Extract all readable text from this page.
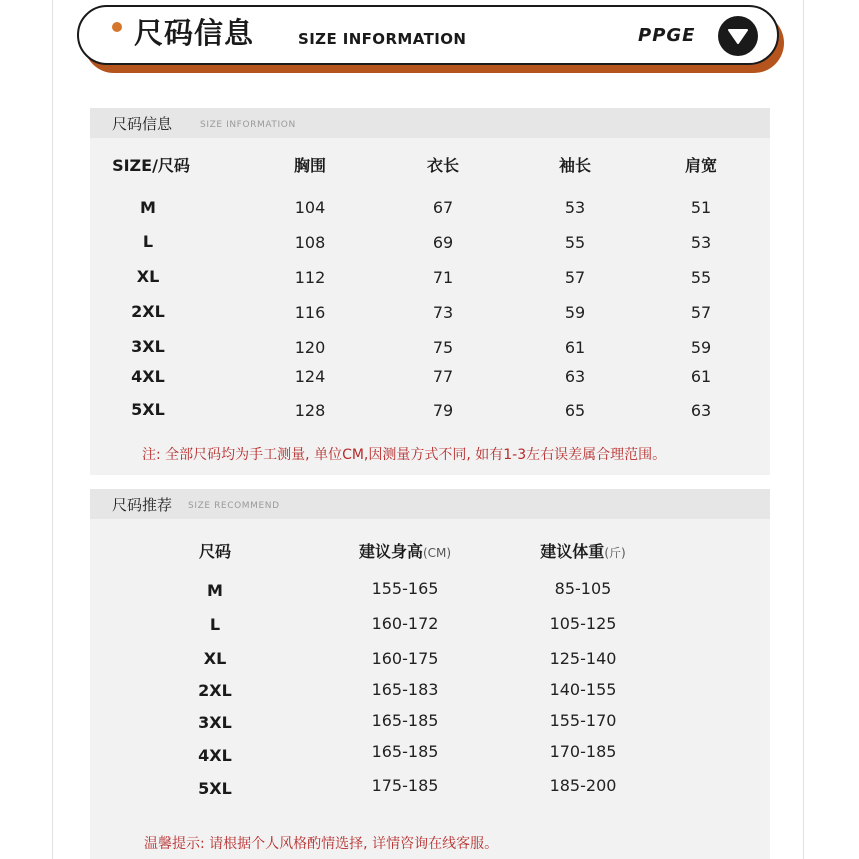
尺码信息	SIZE INFORMATION	PPGE
尺码信息	SIZE INFORMATION
SIZE/尺码	胸围	衣长	袖长	肩宽
M	104	67	53	51
L	108	69	55	53
XL	112	71	57	55
2XL	116	73	59	57
3XL	120	75	61	59
4XL	124	77	63	61
5XL	128	79	65	63
注: 全部尺码均为手工测量, 单位CM,因测量方式不同, 如有1-3左右误差属合理范围。
尺码推荐 SIZE RECOMMEND
尺码	建议身高(CM)	建议体重(斤)
M	155-165	85-105
L	160-172	105-125
XL	160-175	125-140
2XL	165-183	140-155
3XL	165-185	155-170
4XL	165-185	170-185
5XL	175-185	185-200
温馨提示: 请根据个人风格酌情选择, 详情咨询在线客服。
